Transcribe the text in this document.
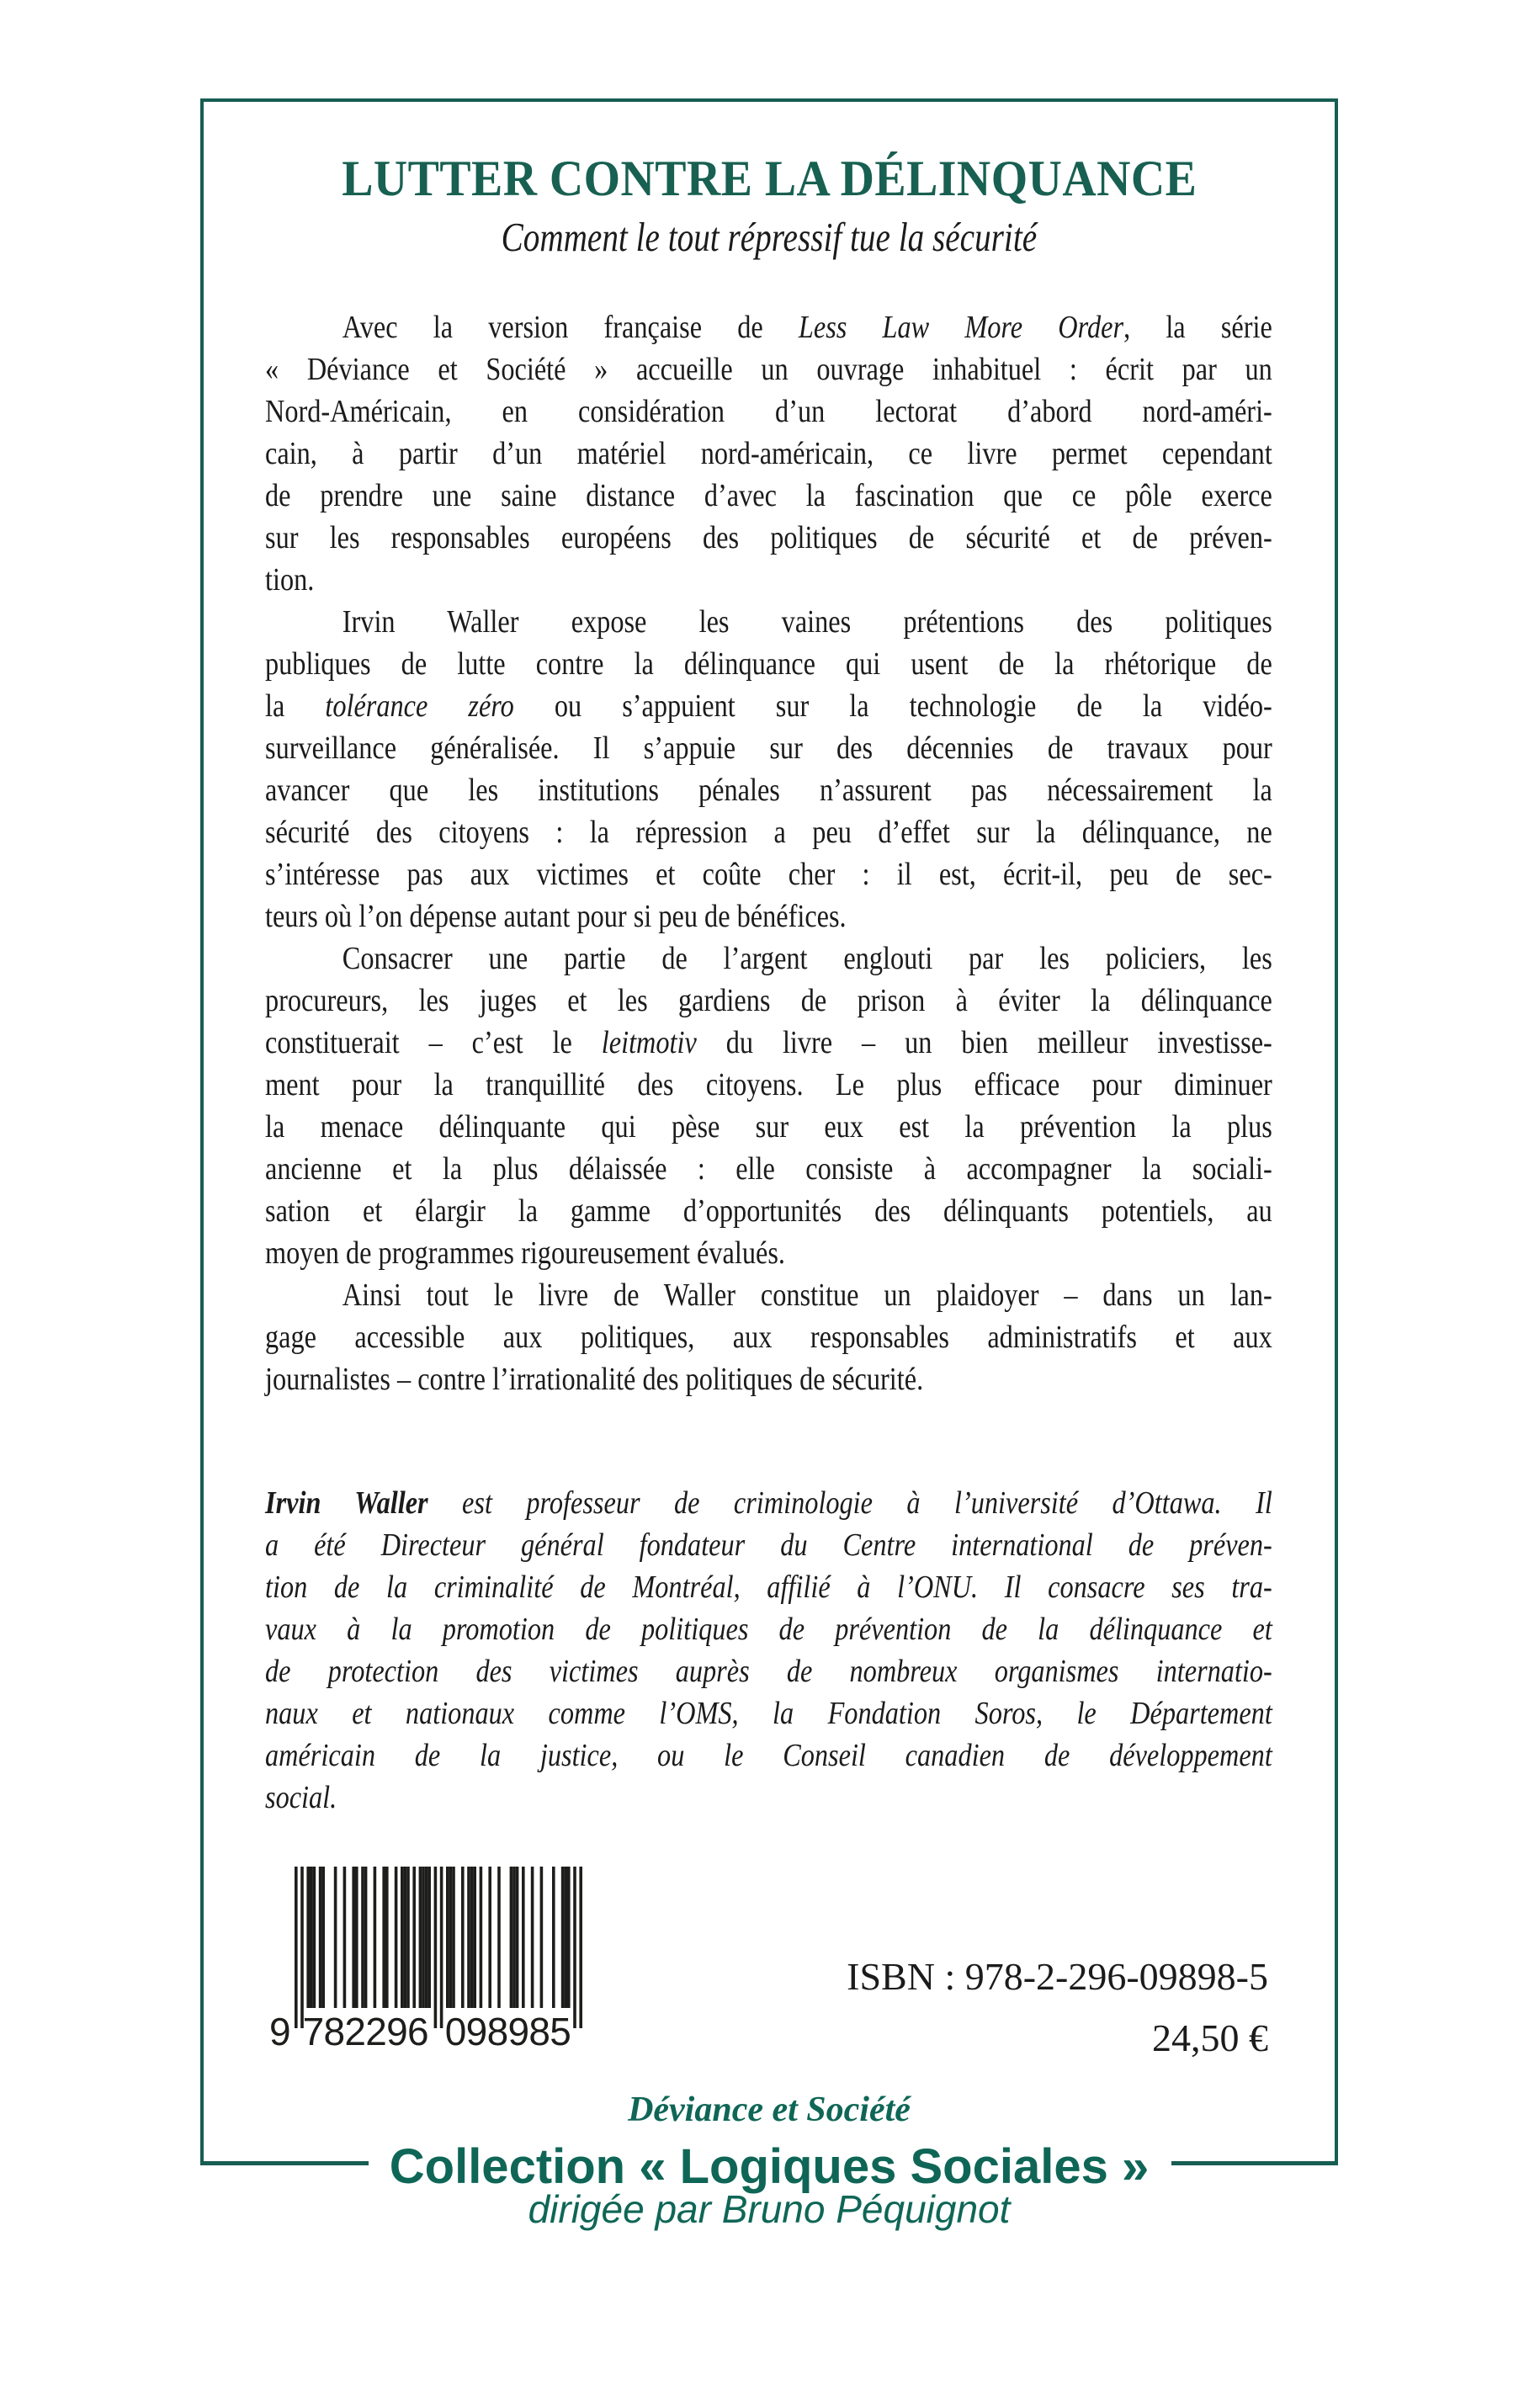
LUTTER CONTRE LA DÉLINQUANCE
Comment le tout répressif tue la sécurité
Avec la version française de Less Law More Order, la série
« Déviance et Société » accueille un ouvrage inhabituel : écrit par un
Nord-Américain, en considération d’un lectorat d’abord nord-améri-
cain, à partir d’un matériel nord-américain, ce livre permet cependant
de prendre une saine distance d’avec la fascination que ce pôle exerce
sur les responsables européens des politiques de sécurité et de préven-
tion.
Irvin Waller expose les vaines prétentions des politiques
publiques de lutte contre la délinquance qui usent de la rhétorique de
la tolérance zéro ou s’appuient sur la technologie de la vidéo-
surveillance généralisée. Il s’appuie sur des décennies de travaux pour
avancer que les institutions pénales n’assurent pas nécessairement la
sécurité des citoyens : la répression a peu d’effet sur la délinquance, ne
s’intéresse pas aux victimes et coûte cher : il est, écrit-il, peu de sec-
teurs où l’on dépense autant pour si peu de bénéfices.
Consacrer une partie de l’argent englouti par les policiers, les
procureurs, les juges et les gardiens de prison à éviter la délinquance
constituerait – c’est le leitmotiv du livre – un bien meilleur investisse-
ment pour la tranquillité des citoyens. Le plus efficace pour diminuer
la menace délinquante qui pèse sur eux est la prévention la plus
ancienne et la plus délaissée : elle consiste à accompagner la sociali-
sation et élargir la gamme d’opportunités des délinquants potentiels, au
moyen de programmes rigoureusement évalués.
Ainsi tout le livre de Waller constitue un plaidoyer – dans un lan-
gage accessible aux politiques, aux responsables administratifs et aux
journalistes – contre l’irrationalité des politiques de sécurité.
Irvin Waller est professeur de criminologie à l’université d’Ottawa. Il
a été Directeur général fondateur du Centre international de préven-
tion de la criminalité de Montréal, affilié à l’ONU. Il consacre ses tra-
vaux à la promotion de politiques de prévention de la délinquance et
de protection des victimes auprès de nombreux organismes internatio-
naux et nationaux comme l’OMS, la Fondation Soros, le Département
américain de la justice, ou le Conseil canadien de développement
social.
9 782296 098985
ISBN : 978-2-296-09898-5
24,50 €
Déviance et Société
Collection « Logiques Sociales »
dirigée par Bruno Péquignot
